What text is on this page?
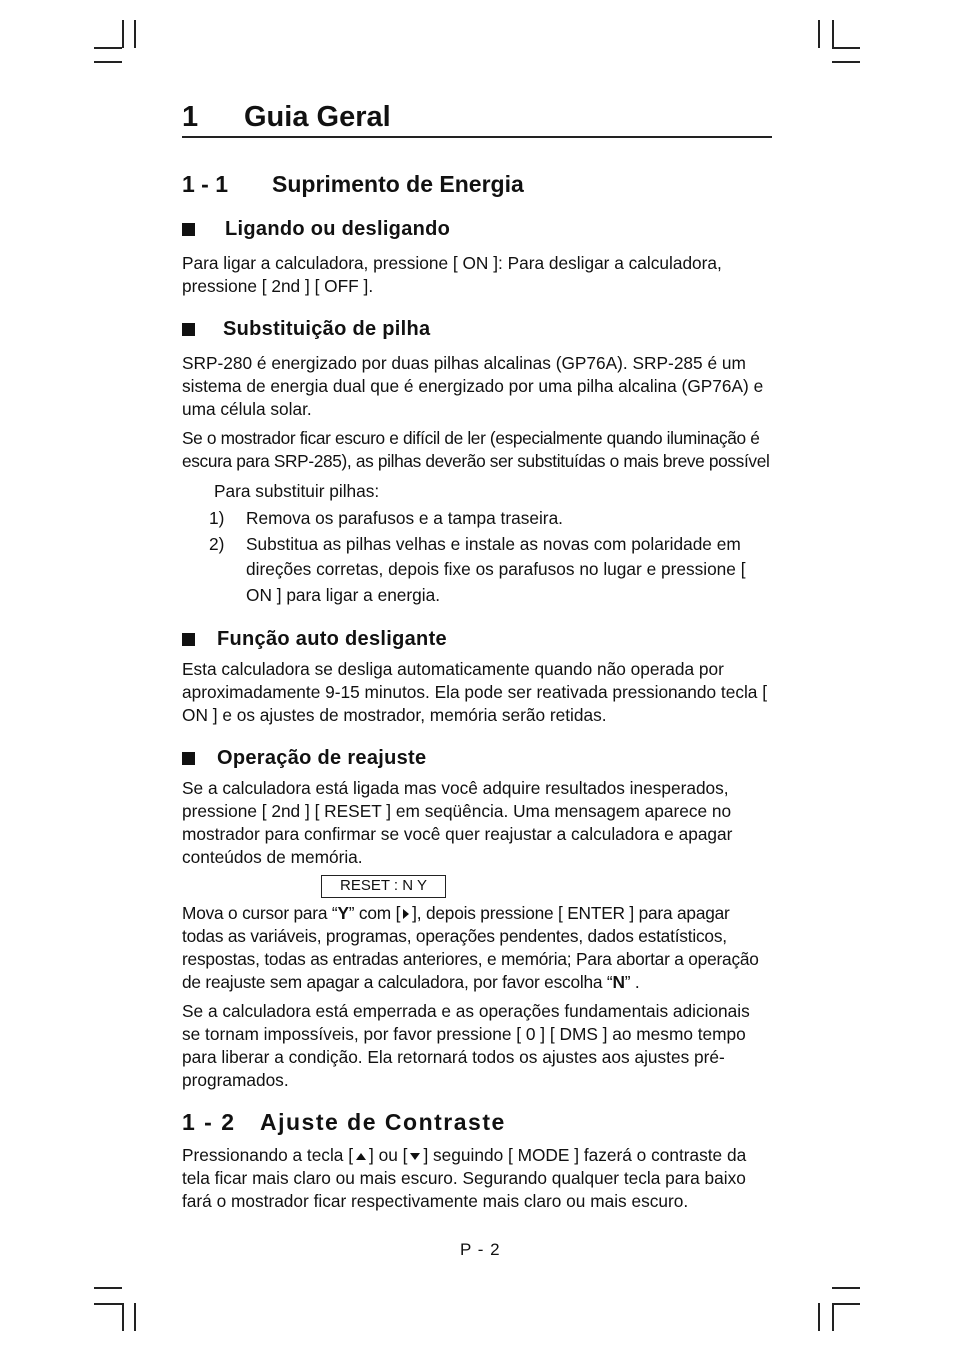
1	Guia Geral
1 - 1	Suprimento de Energia
Ligando ou desligando

Para ligar a calculadora, pressione [ ON ]: Para desligar a calculadora, pressione [ 2nd ] [ OFF ].

Substituição de pilha

SRP-280 é energizado por duas pilhas alcalinas (GP76A). SRP-285 é um sistema de energia dual que é energizado por uma pilha alcalina (GP76A) e uma célula solar.

Se o mostrador ficar escuro e difícil de ler (especialmente quando iluminação é escura para SRP-285), as pilhas deverão ser substituídas o mais breve possível

Para substituir pilhas:

1)	Remova os parafusos e a tampa traseira.
2)	Substitua as pilhas velhas e instale as novas com polaridade em direções corretas, depois fixe os parafusos no lugar e pressione [ ON ] para ligar a energia.
Função auto desligante

Esta calculadora se desliga automaticamente quando não operada por aproximadamente 9-15 minutos. Ela pode ser reativada pressionando tecla [ ON ] e os ajustes de mostrador, memória serão retidas.

Operação de reajuste

Se a calculadora está ligada mas você adquire resultados inesperados, pressione [ 2nd ] [ RESET ] em seqüência. Uma mensagem aparece no mostrador para confirmar se você quer reajustar a calculadora e apagar conteúdos de memória.

RESET : N Y

Mova o cursor para “Y” com [ ], depois pressione [ ENTER ] para apagar todas as variáveis, programas, operações pendentes, dados estatísticos, respostas, todas as entradas anteriores, e memória; Para abortar a operação de reajuste sem apagar a calculadora, por favor escolha “N” .

Se a calculadora está emperrada e as operações fundamentais adicionais se tornam impossíveis, por favor pressione [ 0 ] [ DMS ] ao mesmo tempo para liberar a condição. Ela retornará todos os ajustes aos ajustes pré-programados.

1 - 2	Ajuste de Contraste

Pressionando a tecla [ ] ou [ ] seguindo [ MODE ] fazerá o contraste da tela ficar mais claro ou mais escuro. Segurando qualquer tecla para baixo fará o mostrador ficar respectivamente mais claro ou mais escuro.

P - 2
